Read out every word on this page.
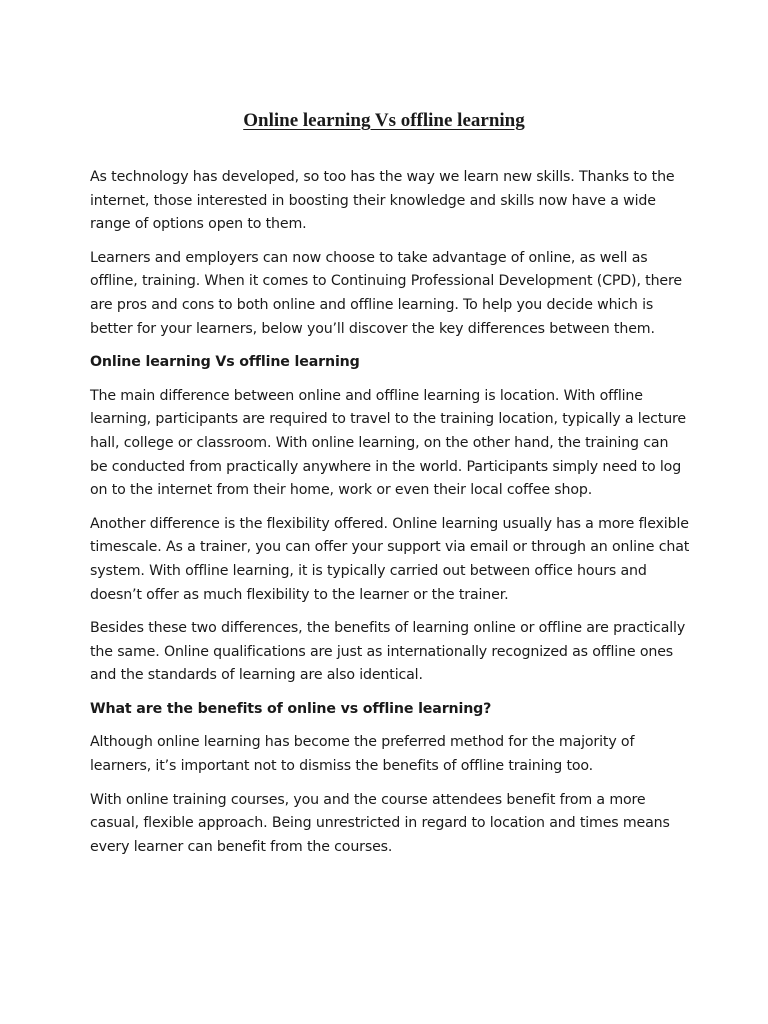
Online learning Vs offline learning

As technology has developed, so too has the way we learn new skills. Thanks to the internet, those interested in boosting their knowledge and skills now have a wide range of options open to them.

Learners and employers can now choose to take advantage of online, as well as offline, training. When it comes to Continuing Professional Development (CPD), there are pros and cons to both online and offline learning. To help you decide which is better for your learners, below you’ll discover the key differences between them.

Online learning Vs offline learning

The main difference between online and offline learning is location. With offline learning, participants are required to travel to the training location, typically a lecture hall, college or classroom. With online learning, on the other hand, the training can be conducted from practically anywhere in the world. Participants simply need to log on to the internet from their home, work or even their local coffee shop.

Another difference is the flexibility offered. Online learning usually has a more flexible timescale. As a trainer, you can offer your support via email or through an online chat system. With offline learning, it is typically carried out between office hours and doesn’t offer as much flexibility to the learner or the trainer.

Besides these two differences, the benefits of learning online or offline are practically the same. Online qualifications are just as internationally recognized as offline ones and the standards of learning are also identical.

What are the benefits of online vs offline learning?

Although online learning has become the preferred method for the majority of learners, it’s important not to dismiss the benefits of offline training too.

With online training courses, you and the course attendees benefit from a more casual, flexible approach. Being unrestricted in regard to location and times means every learner can benefit from the courses.
